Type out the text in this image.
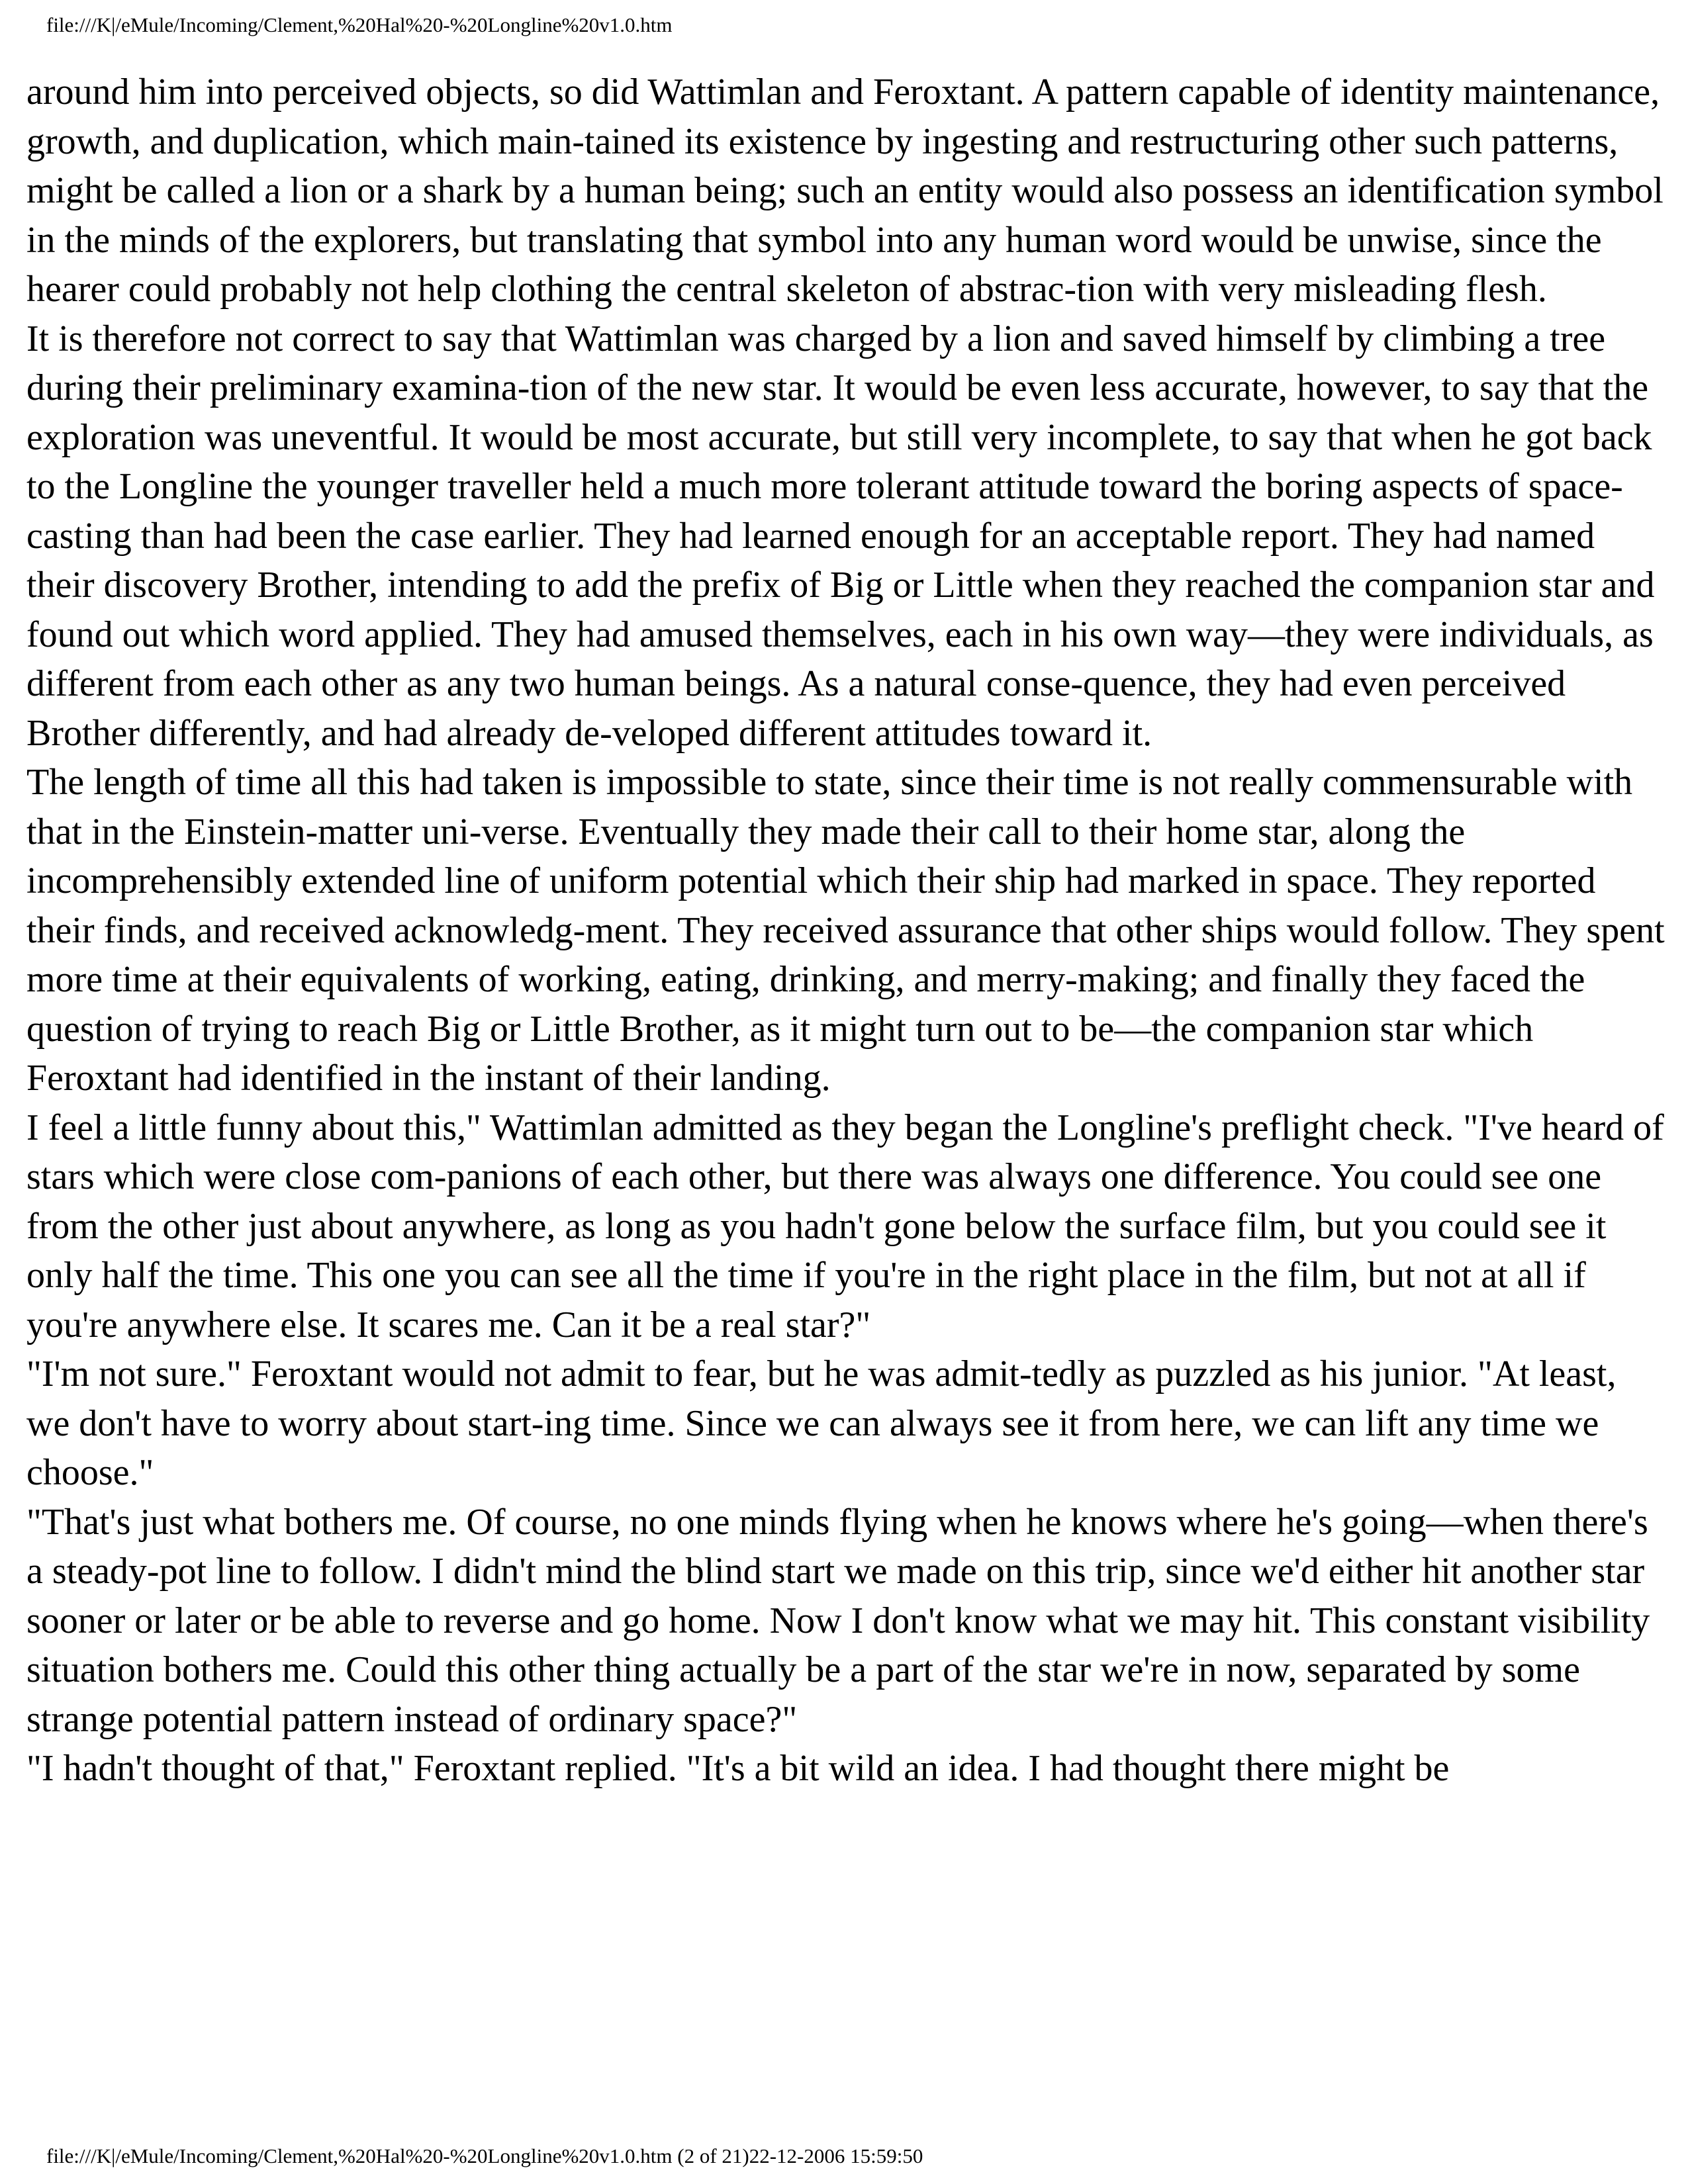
file:///K|/eMule/Incoming/Clement,%20Hal%20-%20Longline%20v1.0.htm

around him into perceived objects, so did Wattimlan and Feroxtant. A pattern capable of identity maintenance, growth, and duplication, which main-tained its existence by ingesting and restructuring other such patterns, might be called a lion or a shark by a human being; such an entity would also possess an identification symbol in the minds of the explorers, but translating that symbol into any human word would be unwise, since the hearer could probably not help clothing the central skeleton of abstrac-tion with very misleading flesh.

It is therefore not correct to say that Wattimlan was charged by a lion and saved himself by climbing a tree during their preliminary examina-tion of the new star. It would be even less accurate, however, to say that the exploration was uneventful. It would be most accurate, but still very incomplete, to say that when he got back to the Longline the younger traveller held a much more tolerant attitude toward the boring aspects of space-casting than had been the case earlier. They had learned enough for an acceptable report. They had named their discovery Brother, intending to add the prefix of Big or Little when they reached the companion star and found out which word applied. They had amused themselves, each in his own way—they were individuals, as different from each other as any two human beings. As a natural conse-quence, they had even perceived Brother differently, and had already de-veloped different attitudes toward it.

The length of time all this had taken is impossible to state, since their time is not really commensurable with that in the Einstein-matter uni-verse. Eventually they made their call to their home star, along the incomprehensibly extended line of uniform potential which their ship had marked in space. They reported their finds, and received acknowledg-ment. They received assurance that other ships would follow. They spent more time at their equivalents of working, eating, drinking, and merry-making; and finally they faced the question of trying to reach Big or Little Brother, as it might turn out to be—the companion star which Feroxtant had identified in the instant of their landing.

I feel a little funny about this," Wattimlan admitted as they began the Longline's preflight check. "I've heard of stars which were close com-panions of each other, but there was always one difference. You could see one from the other just about anywhere, as long as you hadn't gone below the surface film, but you could see it only half the time. This one you can see all the time if you're in the right place in the film, but not at all if you're anywhere else. It scares me. Can it be a real star?"

"I'm not sure." Feroxtant would not admit to fear, but he was admit-tedly as puzzled as his junior. "At least, we don't have to worry about start-ing time. Since we can always see it from here, we can lift any time we choose."

"That's just what bothers me. Of course, no one minds flying when he knows where he's going—when there's a steady-pot line to follow. I didn't mind the blind start we made on this trip, since we'd either hit another star sooner or later or be able to reverse and go home. Now I don't know what we may hit. This constant visibility situation bothers me. Could this other thing actually be a part of the star we're in now, separated by some strange potential pattern instead of ordinary space?"

"I hadn't thought of that," Feroxtant replied. "It's a bit wild an idea. I had thought there might be

file:///K|/eMule/Incoming/Clement,%20Hal%20-%20Longline%20v1.0.htm (2 of 21)22-12-2006 15:59:50
